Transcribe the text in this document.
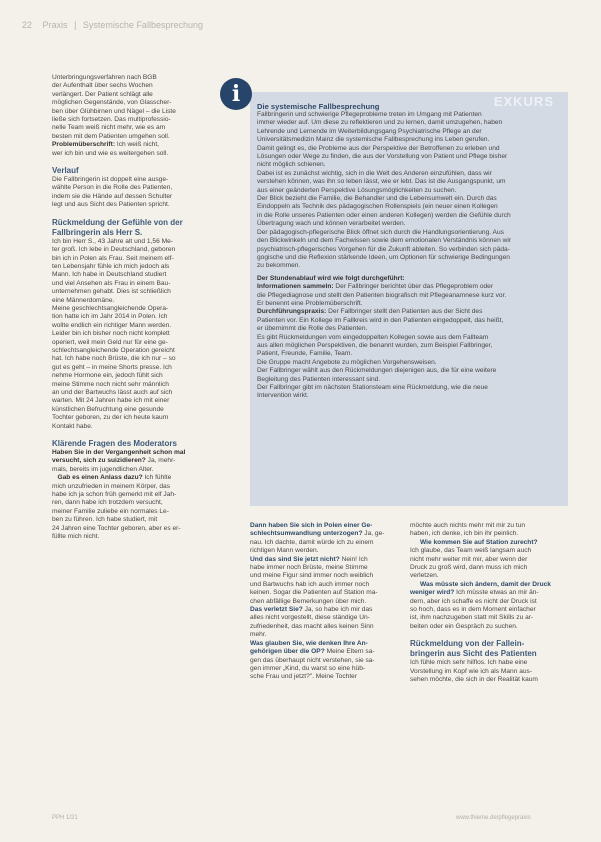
22 Praxis | Systemische Fallbesprechung

Unterbringungsverfahren nach BGB

der Aufenthalt über sechs Wochen

verlängert. Der Patient schlägt alle

möglichen Gegenstände, von Glasscher-

ben über Glühbirnen und Nägel – die Liste

ließe sich fortsetzen. Das multiprofessio-

nelle Team weiß nicht mehr, wie es am

besten mit dem Patienten umgehen soll.

Problemüberschrift: Ich weiß nicht,

wer ich bin und wie es weitergehen soll.

Verlauf

Die Fallbringerin ist doppelt eine ausge-

wählte Person in die Rolle des Patienten,

indem sie die Hände auf dessen Schulter

legt und aus Sicht des Patienten spricht.

Rückmeldung der Gefühle von der
Fallbringerin als Herr S.

Ich bin Herr S., 43 Jahre alt und 1,56 Me-

ter groß. Ich lebe in Deutschland, geboren

bin ich in Polen als Frau. Seit meinem elf-

ten Lebensjahr fühle ich mich jedoch als

Mann. Ich habe in Deutschland studiert

und viel Ansehen als Frau in einem Bau-

unternehmen gehabt. Dies ist schließlich

eine Männerdomäne.

Meine geschlechtsangleichende Opera-

tion hatte ich im Jahr 2014 in Polen. Ich

wollte endlich ein richtiger Mann werden.

Leider bin ich bisher noch nicht komplett

operiert, weil mein Geld nur für eine ge-

schlechtsangleichende Operation gereicht

hat. Ich habe noch Brüste, die ich nur – so

gut es geht – in meine Shorts presse. Ich

nehme Hormone ein, jedoch fühlt sich

meine Stimme noch nicht sehr männlich

an und der Bartwuchs lässt auch auf sich

warten. Mit 24 Jahren habe ich mit einer

künstlichen Befruchtung eine gesunde

Tochter geboren, zu der ich heute kaum

Kontakt habe.

Klärende Fragen des Moderators

Haben Sie in der Vergangenheit schon mal

versucht, sich zu suizidieren? Ja, mehr-

mals, bereits im jugendlichen Alter.

Gab es einen Anlass dazu? Ich fühlte

mich unzufrieden in meinem Körper, das

habe ich ja schon früh gemerkt mit elf Jah-

ren, dann habe ich trotzdem versucht,

meiner Familie zuliebe ein normales Le-

ben zu führen. Ich habe studiert, mit

24 Jahren eine Tochter geboren, aber es er-

füllte mich nicht.

EXKURS
Die systemische Fallbesprechung

Fallbringerin und schwierige Pflegeprobleme treten im Umgang mit Patienten

immer wieder auf. Um diese zu reflektieren und zu lernen, damit umzugehen, haben

Lehrende und Lernende im Weiterbildungsgang Psychiatrische Pflege an der

Universitätsmedizin Mainz die systemische Fallbesprechung ins Leben gerufen.

Damit gelingt es, die Probleme aus der Perspektive der Betroffenen zu erleben und

Lösungen oder Wege zu finden, die aus der Vorstellung von Patient und Pflege bisher

nicht möglich schienen.

Dabei ist es zunächst wichtig, sich in die Welt des Anderen einzufühlen, dass wir

verstehen können, was ihn so leben lässt, wie er lebt. Das ist die Ausgangspunkt, um

aus einer geänderten Perspektive Lösungsmöglichkeiten zu suchen.

Der Blick bezieht die Familie, die Behandler und die Lebensumwelt ein. Durch das

Eindoppeln als Technik des pädagogischen Rollenspiels (ein neuer einen Kollegen

in die Rolle unseres Patienten oder einen anderen Kollegen) werden die Gefühle durch

Übertragung wach und können verarbeitet werden.

Der pädagogisch-pflegerische Blick öffnet sich durch die Handlungsorientierung. Aus

den Blickwinkeln und dem Fachwissen sowie dem emotionalen Verständnis können wir

psychiatrisch-pflegerisches Vorgehen für die Zukunft ableiten. So verbinden sich päda-

gogische und die Reflexion stärkende Ideen, um Optionen für schwierige Bedingungen

zu bekommen.

Der Stundenablauf wird wie folgt durchgeführt:

Informationen sammeln: Der Fallbringer berichtet über das Pflegeproblem oder

die Pflegediagnose und stellt den Patienten biografisch mit Pflegeanamnese kurz vor.

Er benennt eine Problemüberschrift.

Durchführungspraxis: Der Fallbringer stellt den Patienten aus der Sicht des

Patienten vor. Ein Kollege im Fallkreis wird in den Patienten eingedoppelt, das heißt,

er übernimmt die Rolle des Patienten.

Es gibt Rückmeldungen vom eingedoppelten Kollegen sowie aus dem Fallteam

aus allen möglichen Perspektiven, die benannt wurden, zum Beispiel Fallbringer,

Patient, Freunde, Familie, Team.

Die Gruppe macht Angebote zu möglichen Vorgehensweisen.

Der Fallbringer wählt aus den Rückmeldungen diejenigen aus, die für eine weitere

Begleitung des Patienten interessant sind.

Der Fallbringer gibt im nächsten Stationsteam eine Rückmeldung, wie die neue

Intervention wirkt.

i

Dann haben Sie sich in Polen einer Ge-

schlechtsumwandlung unterzogen? Ja, ge-

nau. Ich dachte, damit würde ich zu einem

richtigen Mann werden.

Und das sind Sie jetzt nicht? Nein! Ich

habe immer noch Brüste, meine Stimme

und meine Figur sind immer noch weiblich

und Bartwuchs hab ich auch immer noch

keinen. Sogar die Patienten auf Station ma-

chen abfällige Bemerkungen über mich.

Das verletzt Sie? Ja, so habe ich mir das

alles nicht vorgestellt, diese ständige Un-

zufriedenheit, das macht alles keinen Sinn

mehr.

Was glauben Sie, wie denken Ihre An-

gehörigen über die OP? Meine Eltern sa-

gen das überhaupt nicht verstehen, sie sa-

gen immer „Kind, du warst so eine hüb-

sche Frau und jetzt?". Meine Tochter

möchte auch nichts mehr mit mir zu tun

haben, ich denke, ich bin ihr peinlich.

Wie kommen Sie auf Station zurecht?

Ich glaube, das Team weiß langsam auch

nicht mehr weiter mit mir, aber wenn der

Druck zu groß wird, dann muss ich mich

verletzen.

Was müsste sich ändern, damit der Druck

weniger wird? Ich müsste etwas an mir än-

dern, aber ich schaffe es nicht der Druck ist

so hoch, dass es in dem Moment einfacher

ist, ihm nachzugeben statt mit Skills zu ar-

beiten oder ein Gespräch zu suchen.

Rückmeldung von der Fallein-
bringerin aus Sicht des Patienten

Ich fühle mich sehr hilflos. Ich habe eine

Vorstellung im Kopf wie ich als Mann aus-

sehen möchte, die sich in der Realität kaum

PPH 1/21	www.thieme.de/pflegepraxis
